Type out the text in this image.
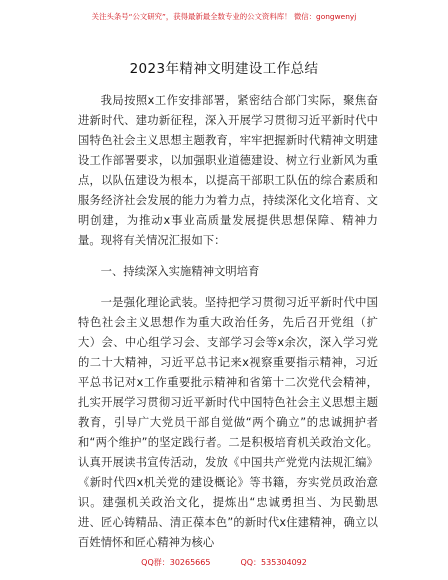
关注头条号“公文研究”，获得最新最全数专业的公文资料库！ 微信：gongwenyj
2023年精神文明建设工作总结

我局按照x工作安排部署，紧密结合部门实际，聚焦奋进新时代、建功新征程，深入开展学习贯彻习近平新时代中国特色社会主义思想主题教育，牢牢把握新时代精神文明建设工作部署要求，以加强职业道德建设、树立行业新风为重点，以队伍建设为根本，以提高干部职工队伍的综合素质和服务经济社会发展的能力为着力点，持续深化文化培育、文明创建，为推动x事业高质量发展提供思想保障、精神力量。现将有关情况汇报如下：

一、持续深入实施精神文明培育

一是强化理论武装。坚持把学习贯彻习近平新时代中国特色社会主义思想作为重大政治任务，先后召开党组（扩大）会、中心组学习会、支部学习会等x余次，深入学习党的二十大精神，习近平总书记来x视察重要指示精神，习近平总书记对x工作重要批示精神和省第十二次党代会精神，扎实开展学习贯彻习近平新时代中国特色社会主义思想主题教育，引导广大党员干部自觉做“两个确立”的忠诚拥护者和“两个维护”的坚定践行者。二是积极培育机关政治文化。认真开展读书宣传活动，发放《中国共产党党内法规汇编》《新时代四x机关党的建设概论》等书籍，夯实党员政治意识。建强机关政治文化，提炼出“忠诚勇担当、为民勤思进、匠心铸精品、清正葆本色”的新时代x住建精神，确立以百姓情怀和匠心精神为核心

QQ群：30265665	QQ：535304092
